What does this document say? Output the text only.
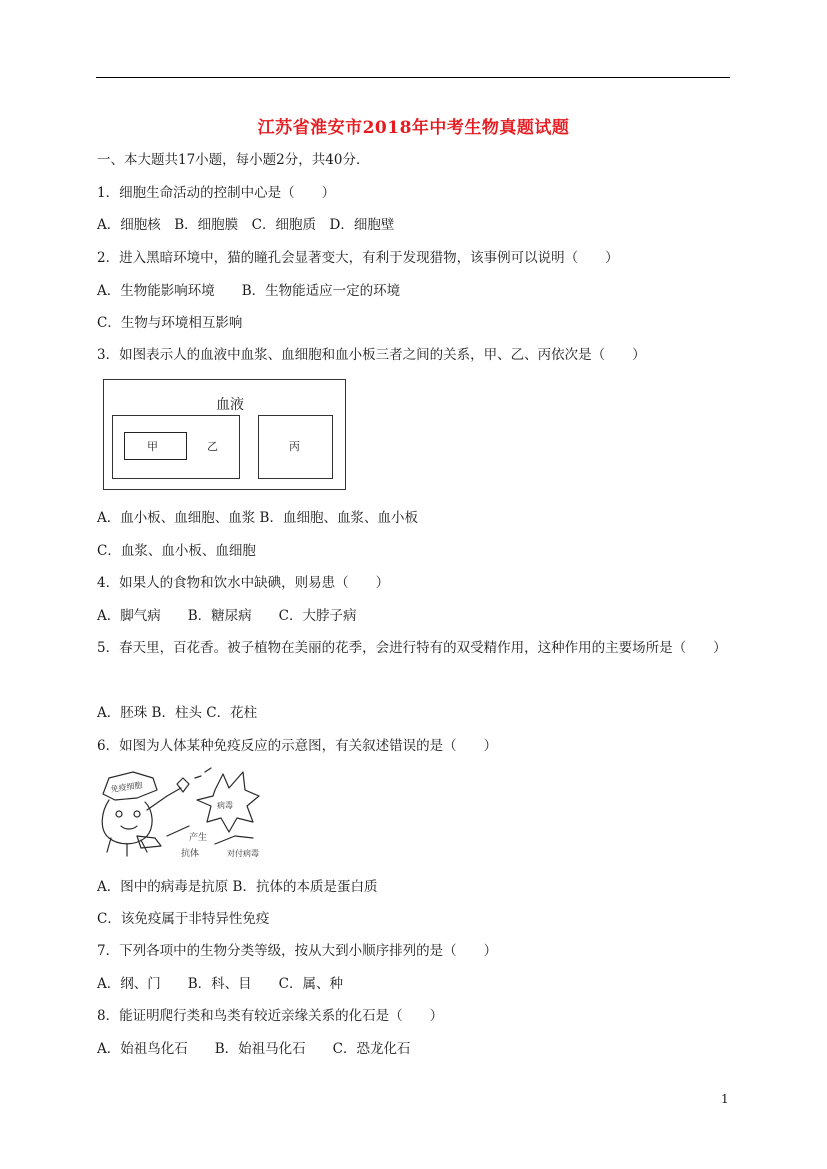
江苏省淮安市2018年中考生物真题试题
一、本大题共17小题，每小题2分，共40分．
1．细胞生命活动的控制中心是（　　）
A．细胞核　B．细胞膜　C．细胞质　D．细胞壁
2．进入黑暗环境中，猫的瞳孔会显著变大，有利于发现猎物，该事例可以说明（　　）
A．生物能影响环境　　B．生物能适应一定的环境
C．生物与环境相互影响
3．如图表示人的血液中血浆、血细胞和血小板三者之间的关系，甲、乙、丙依次是（　　）
血液
甲	乙	丙
A．血小板、血细胞、血浆 B．血细胞、血浆、血小板
C．血浆、血小板、血细胞
4．如果人的食物和饮水中缺碘，则易患（　　）
A．脚气病　　B．糖尿病　　C．大脖子病
5．春天里，百花香。被子植物在美丽的花季，会进行特有的双受精作用，这种作用的主要场所是（　　）
A．胚珠 B．柱头 C．花柱
6．如图为人体某种免疫反应的示意图，有关叙述错误的是（　　）
免疫细胞
病毒
产生
抗体	对付病毒
A．图中的病毒是抗原 B．抗体的本质是蛋白质
C．该免疫属于非特异性免疫
7．下列各项中的生物分类等级，按从大到小顺序排列的是（　　）
A．纲、门　　B．科、目　　C．属、种
8．能证明爬行类和鸟类有较近亲缘关系的化石是（　　）
A．始祖鸟化石　　B．始祖马化石　　C．恐龙化石
1
